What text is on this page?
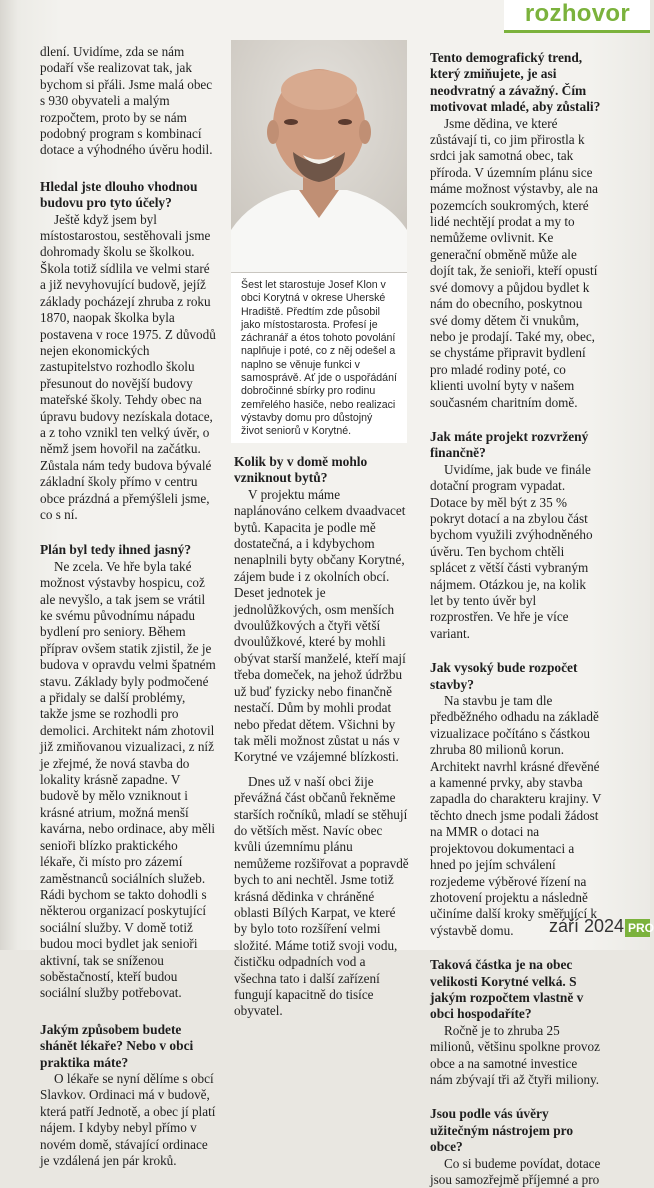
rozhovor

dlení. Uvidíme, zda se nám podaří vše realizovat tak, jak bychom si přáli. Jsme malá obec s 930 obyvateli a malým rozpočtem, proto by se nám podobný program s kombinací dotace a výhodného úvěru hodil.

Hledal jste dlouho vhodnou budovu pro tyto účely?

Ještě když jsem byl místostarostou, sestěhovali jsme dohromady školu se školkou. Škola totiž sídlila ve velmi staré a již nevyhovující budově, jejíž základy pocházejí zhruba z roku 1870, naopak školka byla postavena v roce 1975. Z důvodů nejen ekonomických zastupitelstvo rozhodlo školu přesunout do novější budovy mateřské školy. Tehdy obec na úpravu budovy nezískala dotace, a z toho vznikl ten velký úvěr, o němž jsem hovořil na začátku. Zůstala nám tedy budova bývalé základní školy přímo v centru obce prázdná a přemýšleli jsme, co s ní.

Plán byl tedy ihned jasný?

Ne zcela. Ve hře byla také možnost výstavby hospicu, což ale nevyšlo, a tak jsem se vrátil ke svému původnímu nápadu bydlení pro seniory. Během příprav ovšem statik zjistil, že je budova v opravdu velmi špatném stavu. Základy byly podmočené a přidaly se další problémy, takže jsme se rozhodli pro demolici. Architekt nám zhotovil již zmiňovanou vizualizaci, z níž je zřejmé, že nová stavba do lokality krásně zapadne. V budově by mělo vzniknout i krásné atrium, možná menší kavárna, nebo ordinace, aby měli senioři blízko praktického lékaře, či místo pro zázemí zaměstnanců sociálních služeb. Rádi bychom se takto dohodli s některou organizací poskytující sociální služby. V domě totiž budou moci bydlet jak senioři aktivní, tak se sníženou soběstačností, kteří budou sociální služby potřebovat.

Jakým způsobem budete shánět lékaře? Nebo v obci praktika máte?

O lékaře se nyní dělíme s obcí Slavkov. Ordinaci má v budově, která patří Jednotě, a obec jí platí nájem. I kdyby nebyl přímo v novém domě, stávající ordinace je vzdálená jen pár kroků.

Šest let starostuje Josef Klon v obci Korytná v okrese Uherské Hradiště. Předtím zde působil jako místostarosta. Profesí je záchranář a étos tohoto povolání naplňuje i poté, co z něj odešel a naplno se věnuje funkci v samosprávě. Ať jde o uspořádání dobročinné sbírky pro rodinu zemřelého hasiče, nebo realizaci výstavby domu pro důstojný život seniorů v Korytné.

Kolik by v domě mohlo vzniknout bytů?

V projektu máme naplánováno celkem dvaadvacet bytů. Kapacita je podle mě dostatečná, a i kdybychom nenaplnili byty občany Korytné, zájem bude i z okolních obcí. Deset jednotek je jednolůžkových, osm menších dvoulůžkových a čtyři větší dvoulůžkové, které by mohli obývat starší manželé, kteří mají třeba domeček, na jehož údržbu už buď fyzicky nebo finančně nestačí. Dům by mohli prodat nebo předat dětem. Všichni by tak měli možnost zůstat u nás v Korytné ve vzájemné blízkosti.

Dnes už v naší obci žije převážná část občanů řekněme starších ročníků, mladí se stěhují do větších měst. Navíc obec kvůli územnímu plánu nemůžeme rozšiřovat a popravdě bych to ani nechtěl. Jsme totiž krásná dědinka v chráněné oblasti Bílých Karpat, ve které by bylo toto rozšíření velmi složité. Máme totiž svoji vodu, čističku odpadních vod a všechna tato i další zařízení fungují kapacitně do tisíce obyvatel.

Tento demografický trend, který zmiňujete, je asi neodvratný a závažný. Čím motivovat mladé, aby zůstali?

Jsme dědina, ve které zůstávají ti, co jim přirostla k srdci jak samotná obec, tak příroda. V územním plánu sice máme možnost výstavby, ale na pozemcích soukromých, které lidé nechtějí prodat a my to nemůžeme ovlivnit. Ke generační obměně může ale dojít tak, že senioři, kteří opustí své domovy a půjdou bydlet k nám do obecního, poskytnou své domy dětem či vnukům, nebo je prodají. Také my, obec, se chystáme připravit bydlení pro mladé rodiny poté, co klienti uvolní byty v našem současném charitním domě.

Jak máte projekt rozvržený finančně?

Uvidíme, jak bude ve finále dotační program vypadat. Dotace by měl být z 35 % pokryt dotací a na zbylou část bychom využili zvýhodněného úvěru. Ten bychom chtěli splácet z větší části vybraným nájmem. Otázkou je, na kolik let by tento úvěr byl rozprostřen. Ve hře je více variant.

Jak vysoký bude rozpočet stavby?

Na stavbu je tam dle předběžného odhadu na základě vizualizace počítáno s částkou zhruba 80 milionů korun. Architekt navrhl krásné dřevěné a kamenné prvky, aby stavba zapadla do charakteru krajiny. V těchto dnech jsme podali žádost na MMR o dotaci na projektovou dokumentaci a hned po jejím schválení rozjedeme výběrové řízení na zhotovení projektu a následně učiníme další kroky směřující k výstavbě domu.

Taková částka je na obec velikosti Korytné velká. S jakým rozpočtem vlastně v obci hospodaříte?

Ročně je to zhruba 25 milionů, většinu spolkne provoz obce a na samotné investice nám zbývají tři až čtyři miliony.

Jsou podle vás úvěry užitečným nástrojem pro obce?

Co si budeme povídat, dotace jsou samozřejmě příjemné a pro

září 2024 PRO
